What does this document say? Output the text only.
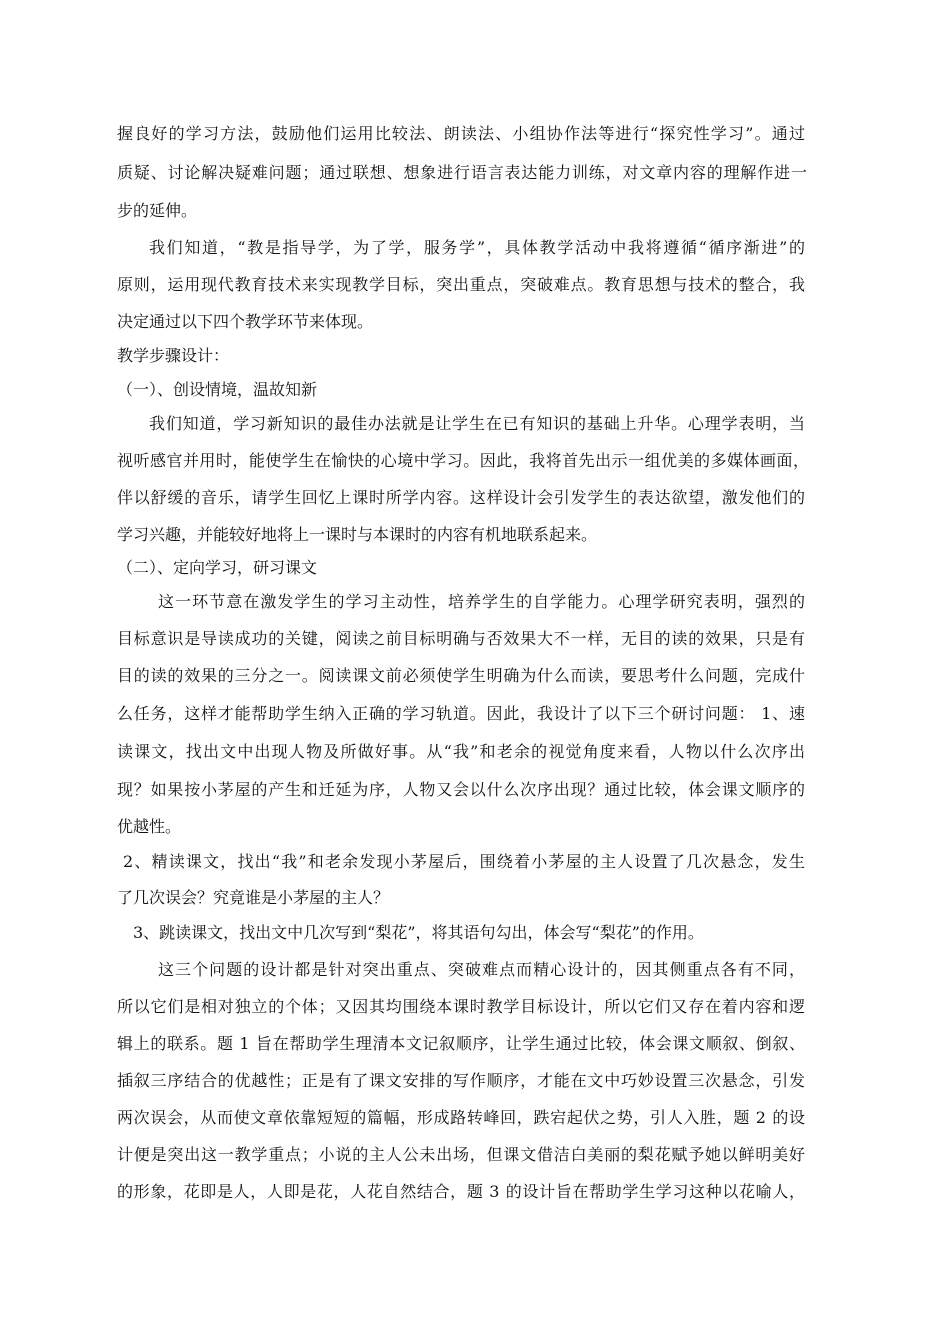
握良好的学习方法，鼓励他们运用比较法、朗读法、小组协作法等进行“探究性学习”。通过
质疑、讨论解决疑难问题；通过联想、想象进行语言表达能力训练，对文章内容的理解作进一
步的延伸。
我们知道，“教是指导学，为了学，服务学”，具体教学活动中我将遵循“循序渐进”的
原则，运用现代教育技术来实现教学目标，突出重点，突破难点。教育思想与技术的整合，我
决定通过以下四个教学环节来体现。
教学步骤设计：
（一）、创设情境，温故知新
我们知道，学习新知识的最佳办法就是让学生在已有知识的基础上升华。心理学表明，当
视听感官并用时，能使学生在愉快的心境中学习。因此，我将首先出示一组优美的多媒体画面，
伴以舒缓的音乐，请学生回忆上课时所学内容。这样设计会引发学生的表达欲望，激发他们的
学习兴趣，并能较好地将上一课时与本课时的内容有机地联系起来。
（二）、定向学习，研习课文
这一环节意在激发学生的学习主动性，培养学生的自学能力。心理学研究表明，强烈的
目标意识是导读成功的关键，阅读之前目标明确与否效果大不一样，无目的读的效果，只是有
目的读的效果的三分之一。阅读课文前必须使学生明确为什么而读，要思考什么问题，完成什
么任务，这样才能帮助学生纳入正确的学习轨道。因此，我设计了以下三个研讨问题： 1、速
读课文，找出文中出现人物及所做好事。从“我”和老余的视觉角度来看，人物以什么次序出
现？如果按小茅屋的产生和迁延为序，人物又会以什么次序出现？通过比较，体会课文顺序的
优越性。
2、精读课文，找出“我”和老余发现小茅屋后，围绕着小茅屋的主人设置了几次悬念，发生
了几次误会？究竟谁是小茅屋的主人？
3、跳读课文，找出文中几次写到“梨花”，将其语句勾出，体会写“梨花”的作用。
这三个问题的设计都是针对突出重点、突破难点而精心设计的，因其侧重点各有不同，
所以它们是相对独立的个体；又因其均围绕本课时教学目标设计，所以它们又存在着内容和逻
辑上的联系。题 1 旨在帮助学生理清本文记叙顺序，让学生通过比较，体会课文顺叙、倒叙、
插叙三序结合的优越性；正是有了课文安排的写作顺序，才能在文中巧妙设置三次悬念，引发
两次误会，从而使文章依靠短短的篇幅，形成路转峰回，跌宕起伏之势，引人入胜，题 2 的设
计便是突出这一教学重点；小说的主人公未出场，但课文借洁白美丽的梨花赋予她以鲜明美好
的形象，花即是人，人即是花，人花自然结合，题 3 的设计旨在帮助学生学习这种以花喻人，
